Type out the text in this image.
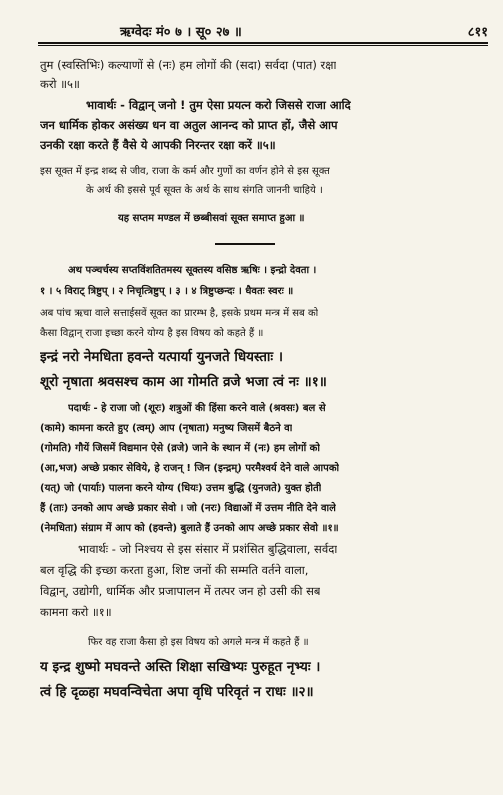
ऋग्वेदः मं० ७ । सू० २७ ॥	८११
तुम (स्वस्तिभिः) कल्याणों से (नः) हम लोगों की (सदा) सर्वदा (पात) रक्षा
करो ॥५॥
भावार्थः - विद्वान् जनो ! तुम ऐसा प्रयत्न करो जिससे राजा आदि
जन धार्मिक होकर असंख्य धन वा अतुल आनन्द को प्राप्त हों, जैसे आप
उनकी रक्षा करते हैं वैसे ये आपकी निरन्तर रक्षा करें ॥५॥
इस सूक्त में इन्द्र शब्द से जीव, राजा के कर्म और गुणों का वर्णन होने से इस सूक्त
के अर्थ की इससे पूर्व सूक्त के अर्थ के साथ संगति जाननी चाहिये ।
यह सप्तम मण्डल में छब्बीसवां सूक्त समाप्त हुआ ॥
अथ पञ्चर्चस्य सप्तविंशतितमस्य सूक्तस्य वसिष्ठ ऋषिः । इन्द्रो देवता ।
१ । ५ विराट् त्रिष्टुप् । २ निचृत्त्रिष्टुप् । ३ । ४ त्रिष्टुप्छन्दः । धैवतः स्वरः ॥
अब पांच ऋचा वाले सत्ताईसवें सूक्त का प्रारम्भ है, इसके प्रथम मन्त्र में सब को
कैसा विद्वान् राजा इच्छा करने योग्य है इस विषय को कहते हैं ॥
इन्द्रं नरो नेमधिता हवन्ते यत्पार्या युनजते धियस्ताः ।
शूरो नृषाता श्रवसश्च काम आ गोमति व्रजे भजा त्वं नः ॥१॥
पदार्थः - हे राजा जो (शूरः) शत्रुओं की हिंसा करने वाले (श्रवसः) बल से
(कामे) कामना करते हुए (त्वम्) आप (नृषाता) मनुष्य जिसमें बैठने वा
(गोमति) गौयें जिसमें विद्यमान ऐसे (व्रजे) जाने के स्थान में (नः) हम लोगों को
(आ,भज) अच्छे प्रकार सेविये, हे राजन् ! जिन (इन्द्रम्) परमैश्वर्य देने वाले आपको
(यत्) जो (पार्याः) पालना करने योग्य (धियः) उत्तम बुद्धि (युनजते) युक्त होती
हैं (ताः) उनको आप अच्छे प्रकार सेवो । जो (नरः) विद्याओं में उत्तम नीति देने वाले
(नेमधिता) संग्राम में आप को (हवन्ते) बुलाते हैं उनको आप अच्छे प्रकार सेवो ॥१॥
भावार्थः - जो निश्चय से इस संसार में प्रशंसित बुद्धिवाला, सर्वदा
बल वृद्धि की इच्छा करता हुआ, शिष्ट जनों की सम्मति वर्तने वाला,
विद्वान्, उद्योगी, धार्मिक और प्रजापालन में तत्पर जन हो उसी की सब
कामना करो ॥१॥
फिर वह राजा कैसा हो इस विषय को अगले मन्त्र में कहते हैं ॥
य इन्द्र शुष्मो मघवन्ते अस्ति शिक्षा सखिभ्यः पुरुहूत नृभ्यः ।
त्वं हि दृळ्हा मघवन्विचेता अपा वृधि परिवृतं न राधः ॥२॥
